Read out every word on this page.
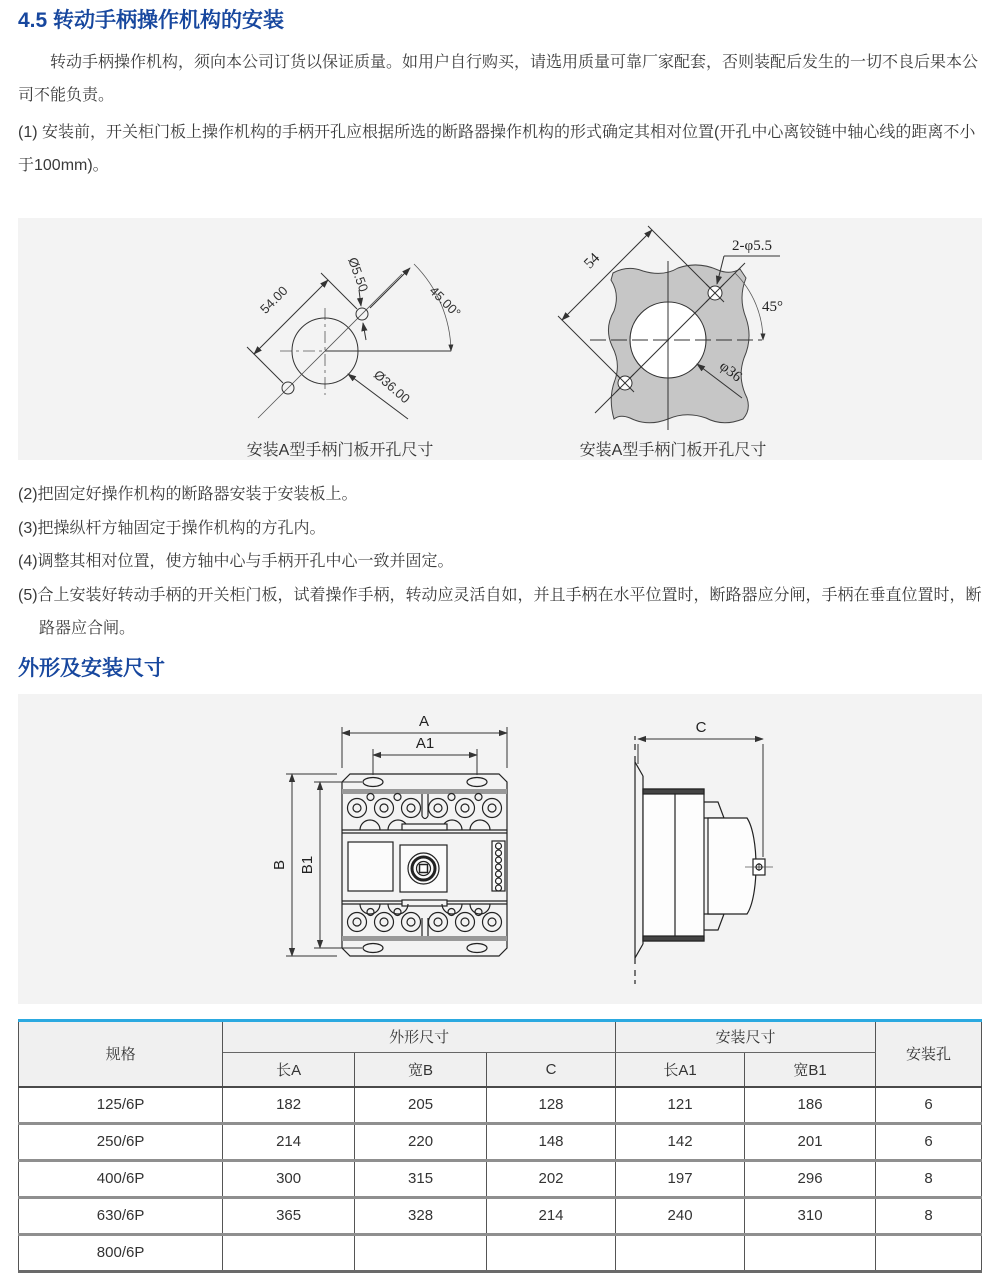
4.5 转动手柄操作机构的安装

转动手柄操作机构，须向本公司订货以保证质量。如用户自行购买，请选用质量可靠厂家配套，否则装配后发生的一切不良后果本公司不能负责。

(1) 安装前，开关柜门板上操作机构的手柄开孔应根据所选的断路器操作机构的形式确定其相对位置(开孔中心离铰链中轴心线的距离不小于100mm)。

54.00
Ø5.50
45.00°
Ø36.00
安装A型手柄门板开孔尺寸
54
2-φ5.5
45°
φ36
安装A型手柄门板开孔尺寸

(2)把固定好操作机构的断路器安装于安装板上。

(3)把操纵杆方轴固定于操作机构的方孔内。

(4)调整其相对位置，使方轴中心与手柄开孔中心一致并固定。

(5)合上安装好转动手柄的开关柜门板，试着操作手柄，转动应灵活自如，并且手柄在水平位置时，断路器应分闸，手柄在垂直位置时，断路器应合闸。

外形及安装尺寸
A
A1
B B1
C
规格	外形尺寸			安装尺寸		安装孔
	长A	宽B	C	长A1	宽B1	
125/6P	182	205	128	121	186	6
250/6P	214	220	148	142	201	6
400/6P	300	315	202	197	296	8
630/6P	365	328	214	240	310	8
800/6P						
